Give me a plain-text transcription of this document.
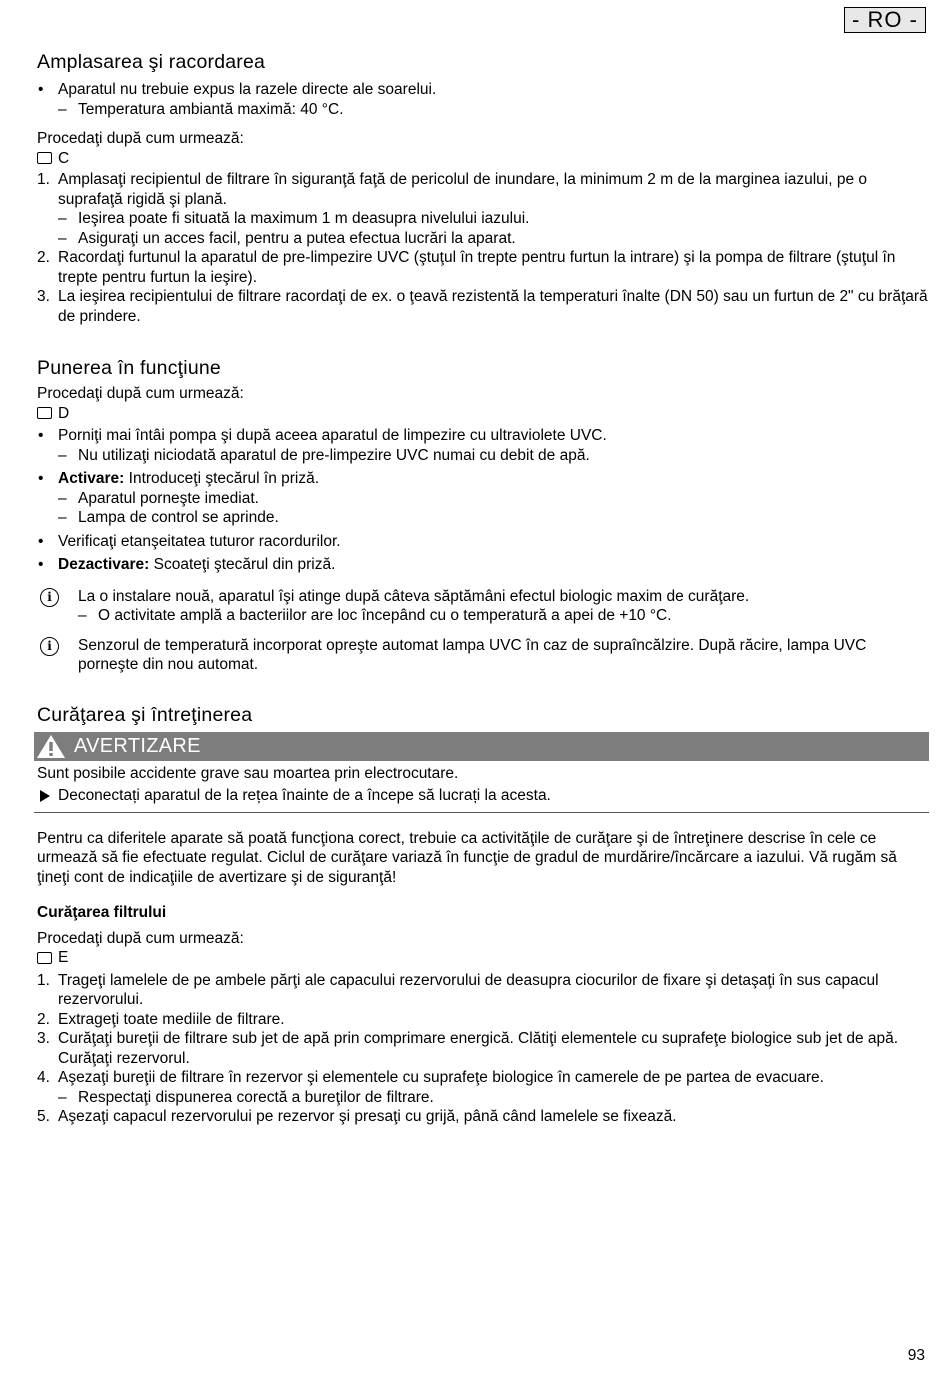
- RO -
Amplasarea şi racordarea
• Aparatul nu trebuie expus la razele directe ale soarelui.
– Temperatura ambiantă maximă: 40 °C.

Procedaţi după cum urmează:

C
1. Amplasaţi recipientul de filtrare în siguranţă faţă de pericolul de inundare, la minimum 2 m de la marginea iazului, pe o suprafaţă rigidă şi plană.
– Ieşirea poate fi situată la maximum 1 m deasupra nivelului iazului.
– Asiguraţi un acces facil, pentru a putea efectua lucrări la aparat.
2. Racordaţi furtunul la aparatul de pre-limpezire UVC (ştuţul în trepte pentru furtun la intrare) şi la pompa de filtrare (ştuţul în trepte pentru furtun la ieşire).
3. La ieşirea recipientului de filtrare racordaţi de ex. o ţeavă rezistentă la temperaturi înalte (DN 50) sau un furtun de 2" cu brăţară de prindere.
Punerea în funcţiune

Procedaţi după cum urmează:

D
• Porniţi mai întâi pompa şi după aceea aparatul de limpezire cu ultraviolete UVC.
– Nu utilizaţi niciodată aparatul de pre-limpezire UVC numai cu debit de apă.
• Activare: Introduceţi ştecărul în priză.
– Aparatul porneşte imediat.
– Lampa de control se aprinde.
• Verificaţi etanşeitatea tuturor racordurilor.
• Dezactivare: Scoateţi ştecărul din priză.
i	La o instalare nouă, aparatul îşi atinge după câteva săptămâni efectul biologic maxim de curăţare.

– O activitate amplă a bacteriilor are loc începând cu o temperatură a apei de +10 °C.
i	Senzorul de temperatură incorporat opreşte automat lampa UVC în caz de supraîncălzire. După răcire, lampa UVC porneşte din nou automat.

Curăţarea şi întreţinerea
AVERTIZARE

Sunt posibile accidente grave sau moartea prin electrocutare.

Deconectați aparatul de la rețea înainte de a începe să lucrați la acesta.

Pentru ca diferitele aparate să poată funcţiona corect, trebuie ca activităţile de curăţare şi de întreţinere descrise în cele ce urmează să fie efectuate regulat. Ciclul de curăţare variază în funcţie de gradul de murdărire/încărcare a iazului. Vă rugăm să ţineţi cont de indicaţiile de avertizare şi de siguranţă!

Curăţarea filtrului

Procedaţi după cum urmează:

E
1. Trageţi lamelele de pe ambele părţi ale capacului rezervorului de deasupra ciocurilor de fixare şi detaşaţi în sus capacul rezervorului.
2. Extrageţi toate mediile de filtrare.
3. Curăţaţi bureţii de filtrare sub jet de apă prin comprimare energică. Clătiţi elementele cu suprafeţe biologice sub jet de apă. Curăţaţi rezervorul.
4. Aşezaţi bureţii de filtrare în rezervor şi elementele cu suprafeţe biologice în camerele de pe partea de evacuare.
– Respectaţi dispunerea corectă a bureţilor de filtrare.
5. Aşezaţi capacul rezervorului pe rezervor şi presaţi cu grijă, până când lamelele se fixează.
93
